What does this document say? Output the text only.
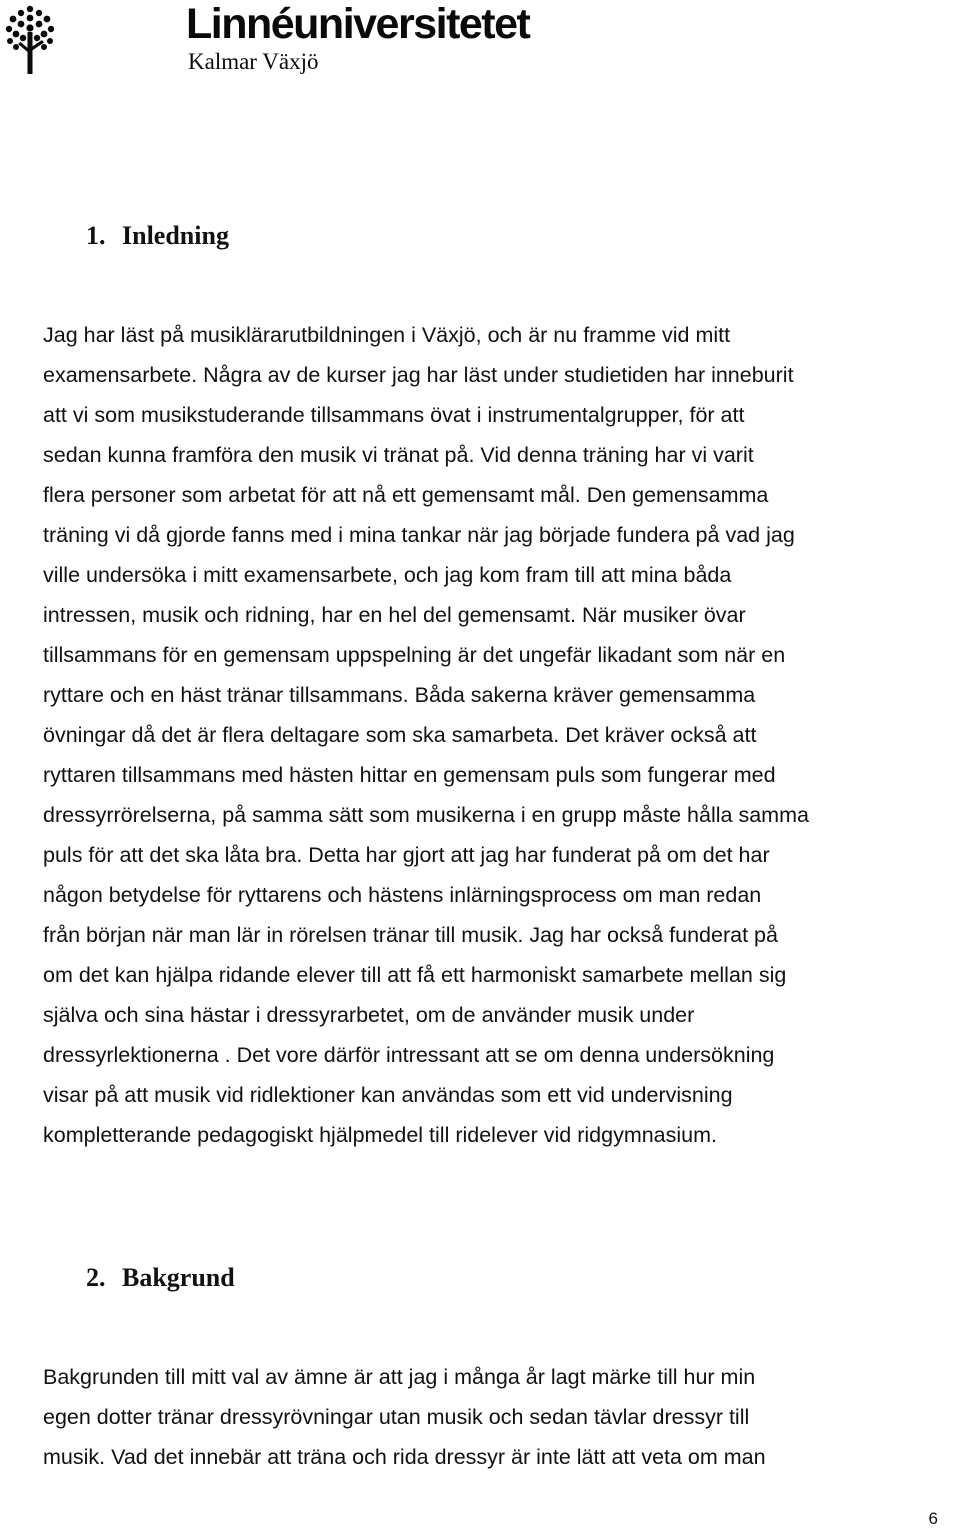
Linnéuniversitetet
Kalmar Växjö
1. Inledning
Jag har läst på musiklärarutbildningen i Växjö, och är nu framme vid mitt
examensarbete. Några av de kurser jag har läst under studietiden har inneburit
att vi som musikstuderande tillsammans övat i instrumentalgrupper, för att
sedan kunna framföra den musik vi tränat på. Vid denna träning har vi varit
flera personer som arbetat för att nå ett gemensamt mål. Den gemensamma
träning vi då gjorde fanns med i mina tankar när jag började fundera på vad jag
ville undersöka i mitt examensarbete, och jag kom fram till att mina båda
intressen, musik och ridning, har en hel del gemensamt. När musiker övar
tillsammans för en gemensam uppspelning är det ungefär likadant som när en
ryttare och en häst tränar tillsammans. Båda sakerna kräver gemensamma
övningar då det är flera deltagare som ska samarbeta. Det kräver också att
ryttaren tillsammans med hästen hittar en gemensam puls som fungerar med
dressyrrörelserna, på samma sätt som musikerna i en grupp måste hålla samma
puls för att det ska låta bra. Detta har gjort att jag har funderat på om det har
någon betydelse för ryttarens och hästens inlärningsprocess om man redan
från början när man lär in rörelsen tränar till musik. Jag har också funderat på
om det kan hjälpa ridande elever till att få ett harmoniskt samarbete mellan sig
själva och sina hästar i dressyrarbetet, om de använder musik under
dressyrlektionerna . Det vore därför intressant att se om denna undersökning
visar på att musik vid ridlektioner kan användas som ett vid undervisning
kompletterande pedagogiskt hjälpmedel till ridelever vid ridgymnasium.
2. Bakgrund
Bakgrunden till mitt val av ämne är att jag i många år lagt märke till hur min
egen dotter tränar dressyrövningar utan musik och sedan tävlar dressyr till
musik. Vad det innebär att träna och rida dressyr är inte lätt att veta om man
6
